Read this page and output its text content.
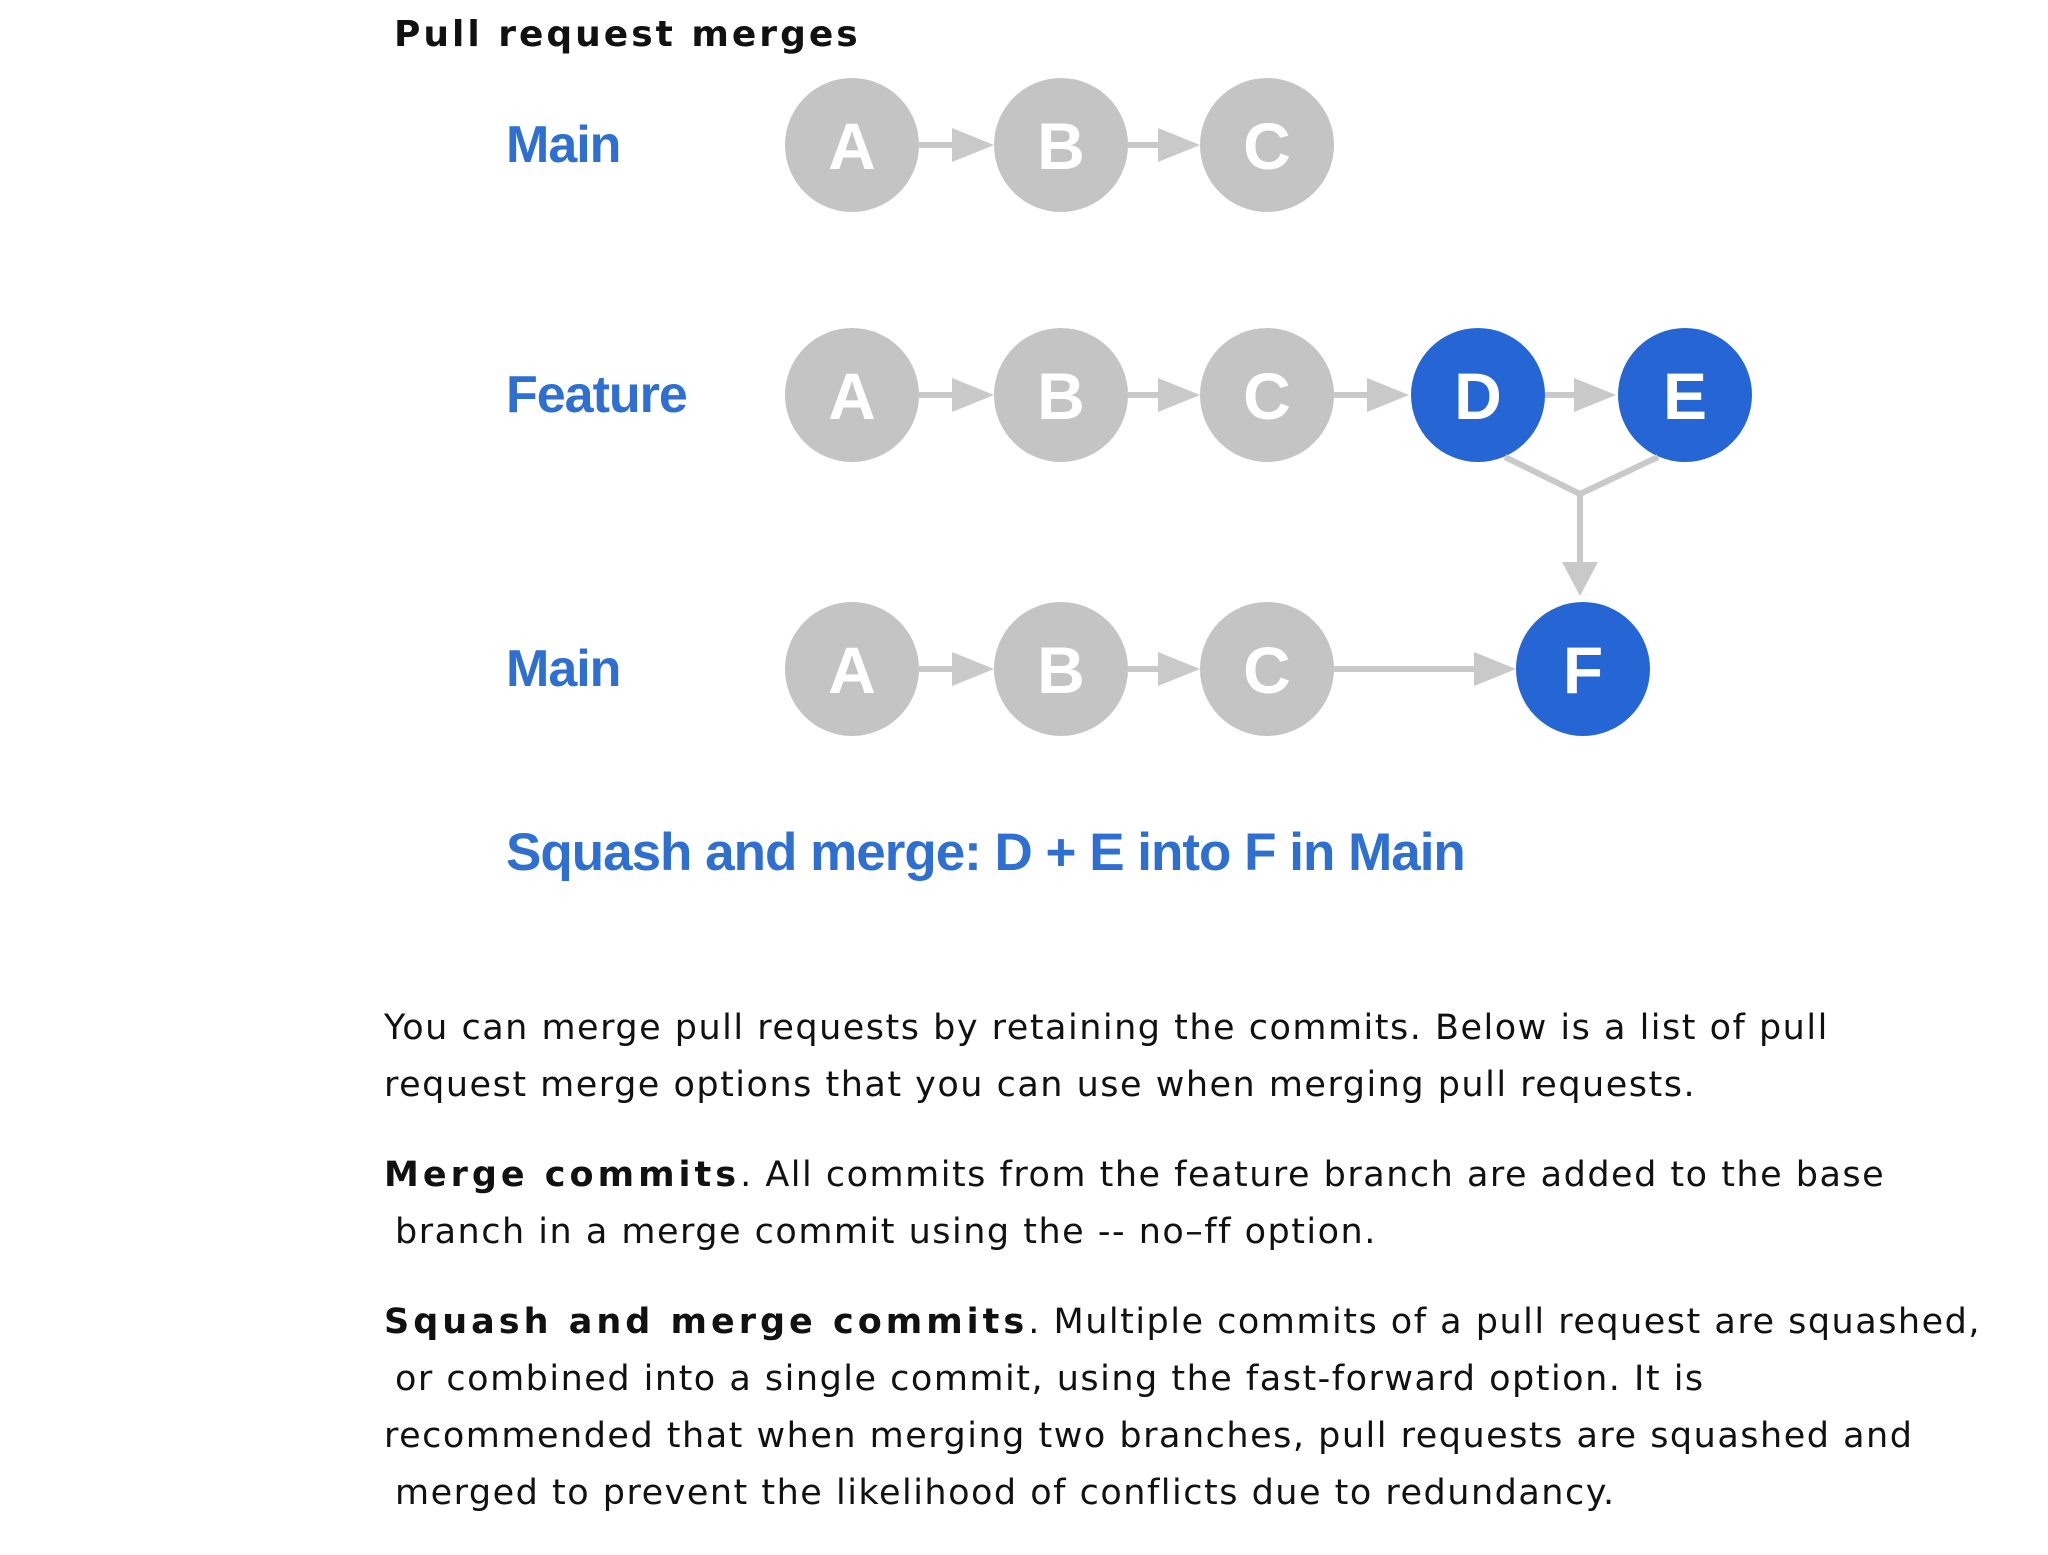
Pull request merges
Main	A B C
Feature A B C D E
Main	A B C	F
Squash and merge: D + E into F in Main

You can merge pull requests by retaining the commits. Below is a list of pull
request merge options that you can use when merging pull requests.

Merge commits. All commits from the feature branch are added to the base
branch in a merge commit using the -- no–ff option.

Squash and merge commits. Multiple commits of a pull request are squashed,
or combined into a single commit, using the fast-forward option. It is
recommended that when merging two branches, pull requests are squashed and
merged to prevent the likelihood of conflicts due to redundancy.
